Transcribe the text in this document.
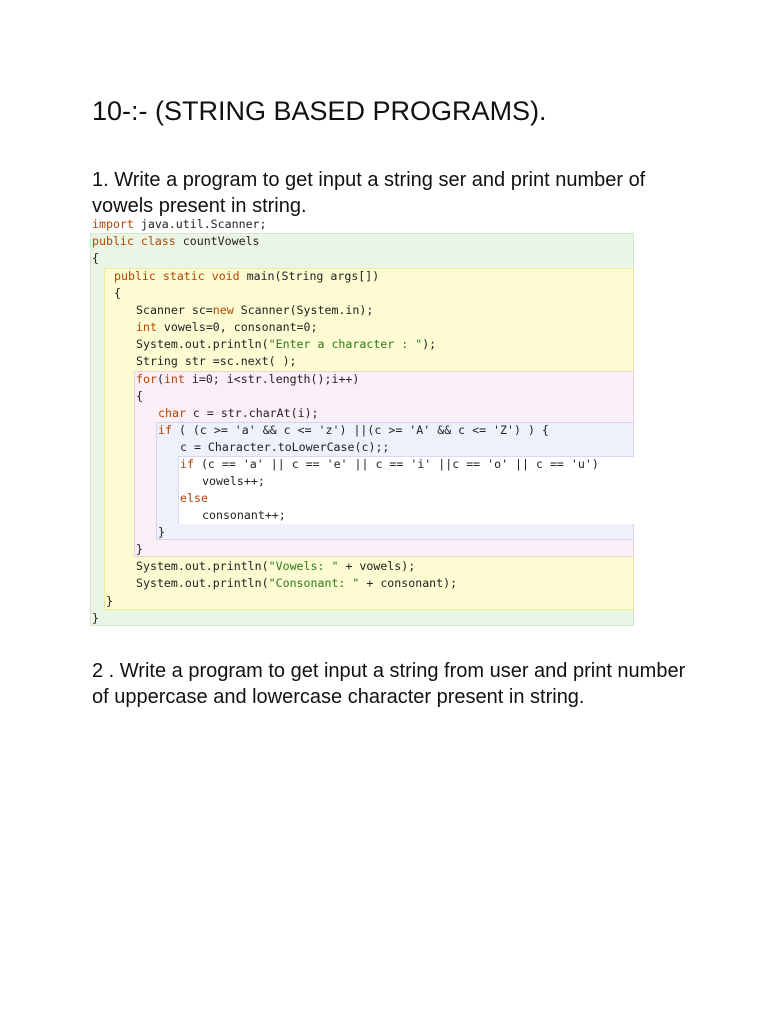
10-:- (STRING BASED PROGRAMS).

1. Write a program to get input a string ser and print number of vowels present in string.

import java.util.Scanner;
public class countVowels
{
public static void main(String args[])
{
Scanner sc=new Scanner(System.in);
int vowels=0, consonant=0;
System.out.println("Enter a character : ");
String str =sc.next( );
for(int i=0; i<str.length();i++)
{
char c = str.charAt(i);
if ( (c >= 'a' && c <= 'z') ||(c >= 'A' && c <= 'Z') ) {
c = Character.toLowerCase(c);;
if (c == 'a' || c == 'e' || c == 'i' ||c == 'o' || c == 'u')
vowels++;
else
consonant++;
}
}
System.out.println("Vowels: " + vowels);
System.out.println("Consonant: " + consonant);
}
}

2 . Write a program to get input a string from user and print number of uppercase and lowercase character present in string.
